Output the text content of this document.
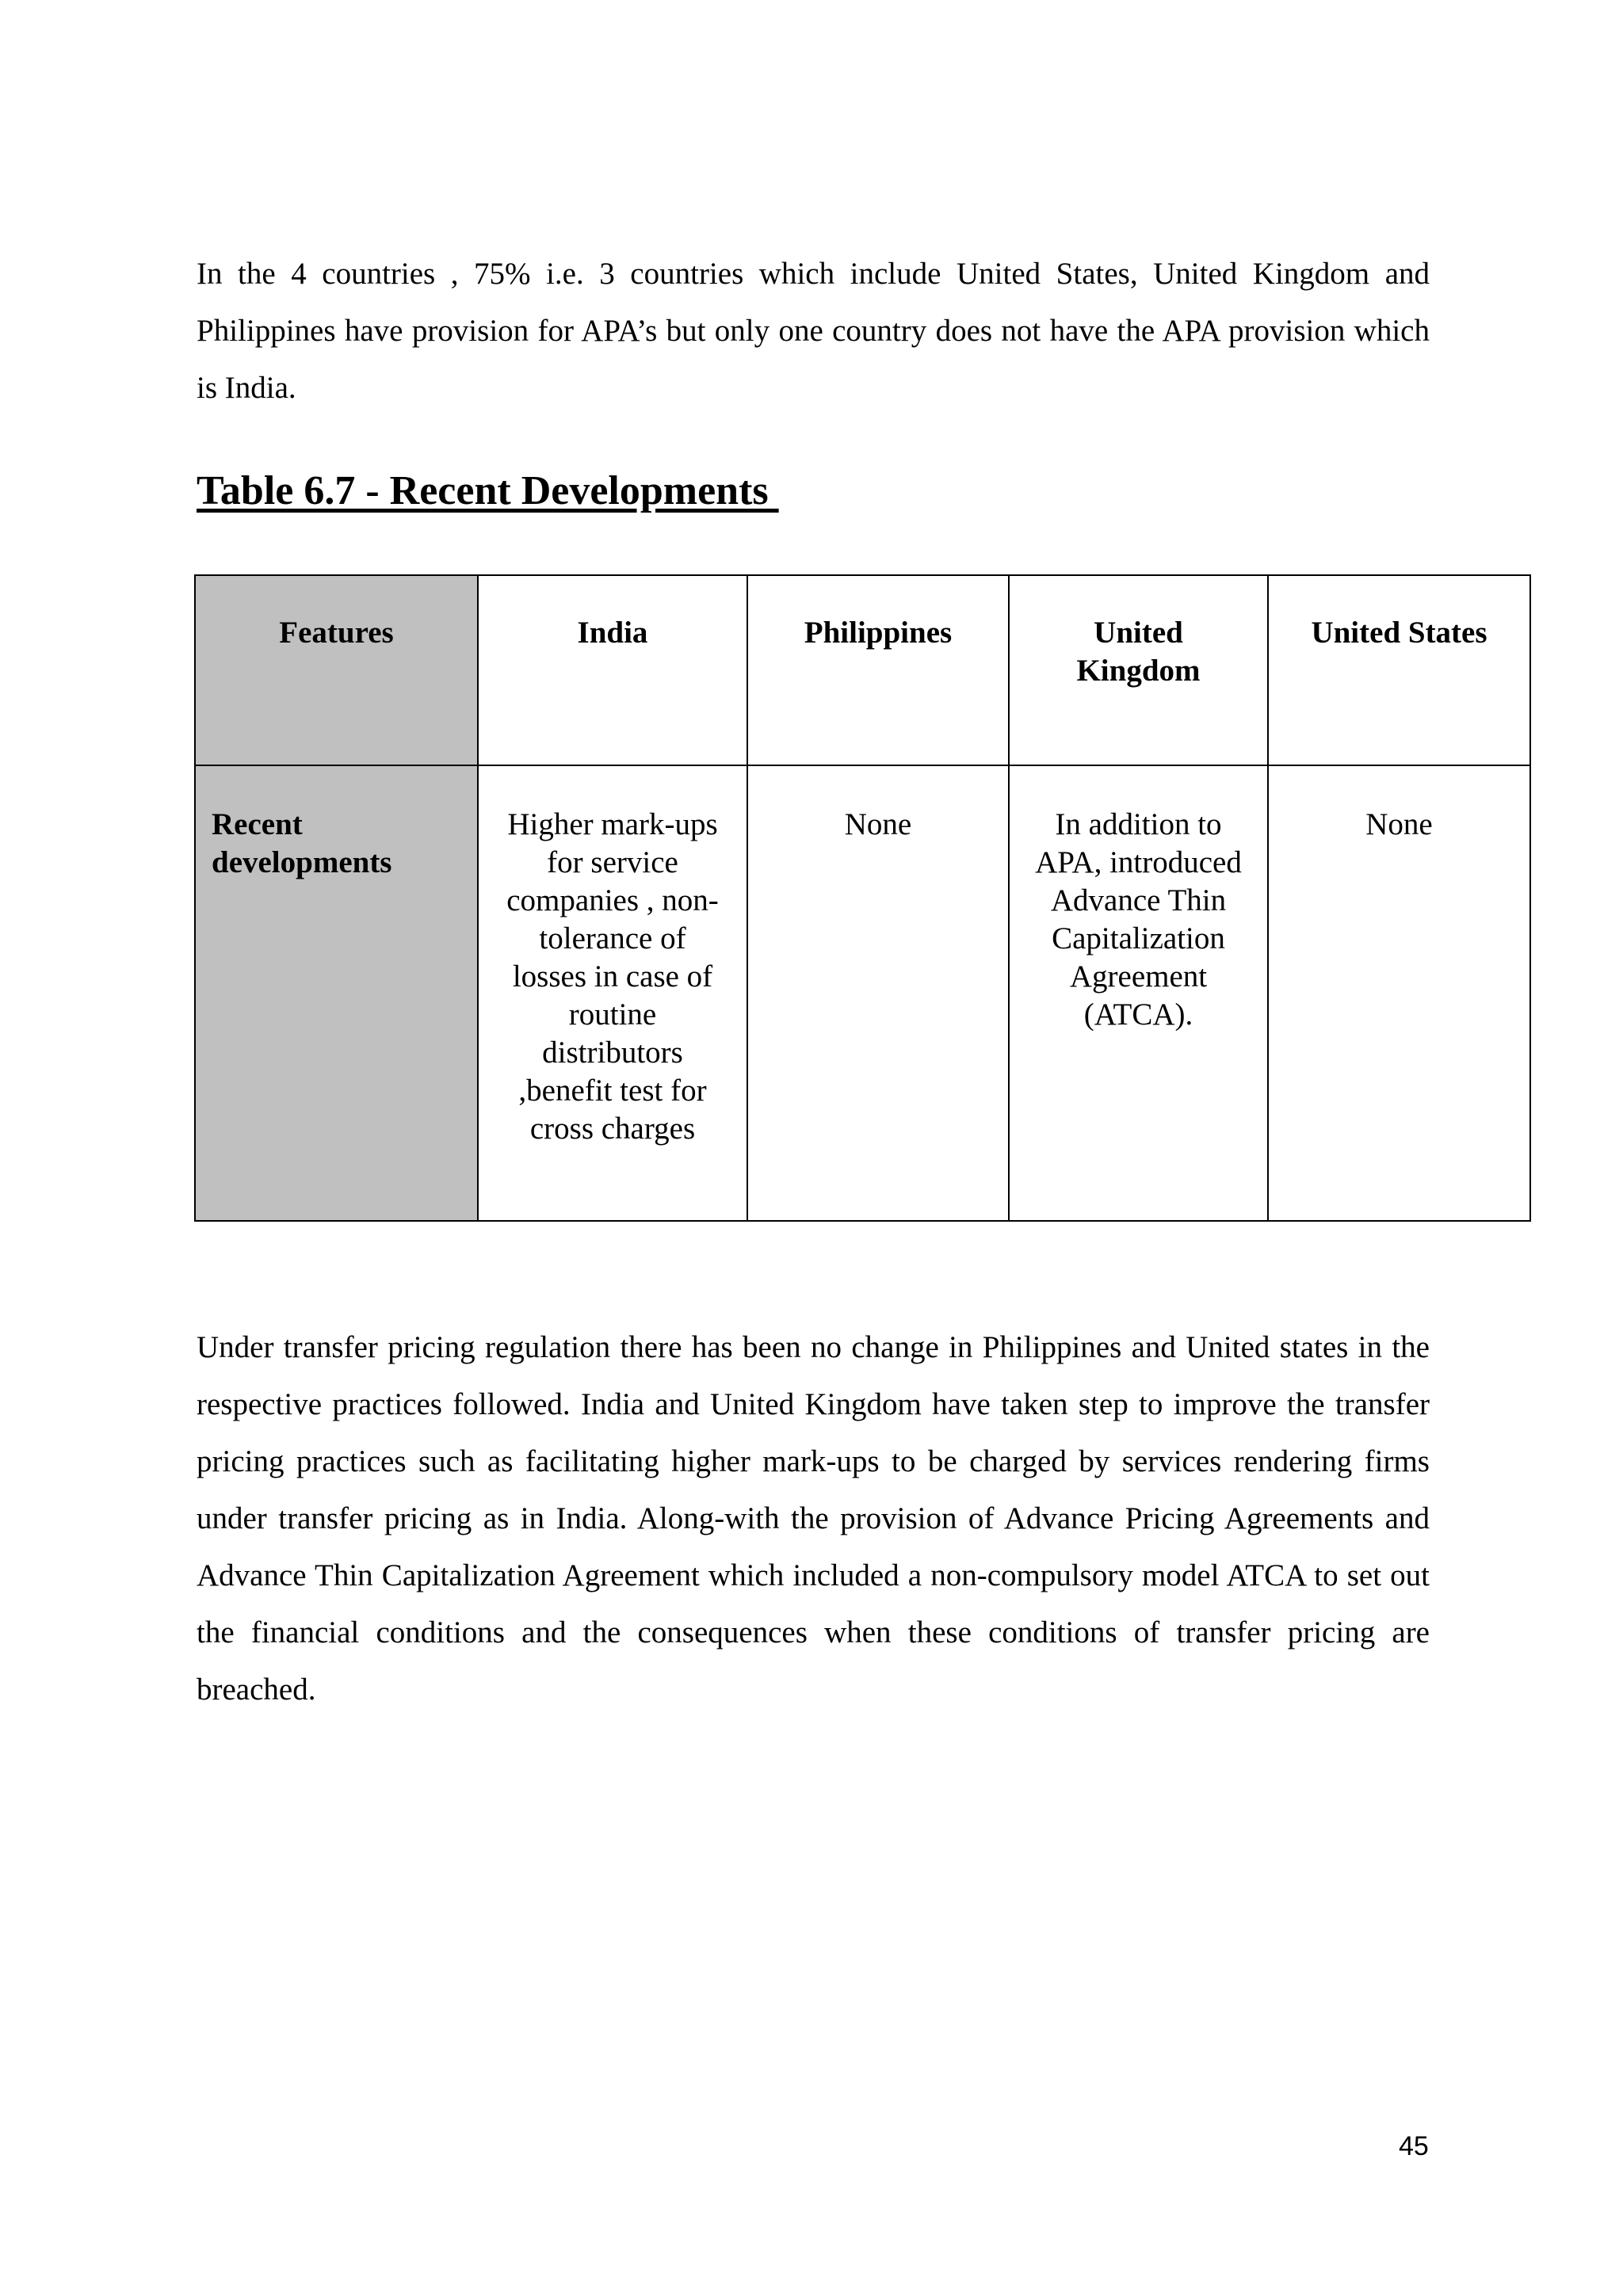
In the 4 countries , 75% i.e. 3 countries which include United States, United Kingdom and Philippines have provision for APA’s but only one country does not have the APA provision which is India.

Table 6.7 - Recent Developments
Features	India	Philippines	United Kingdom	United States
Recent developments	Higher mark-ups for service companies , non-tolerance of losses in case of routine distributors ,benefit test for cross charges	None	In addition to APA, introduced Advance Thin Capitalization Agreement (ATCA).	None

Under transfer pricing regulation there has been no change in Philippines and United states in the respective practices followed. India and United Kingdom have taken step to improve the transfer pricing practices such as facilitating higher mark-ups to be charged by services rendering firms under transfer pricing as in India. Along-with the provision of Advance Pricing Agreements and Advance Thin Capitalization Agreement which included a non-compulsory model ATCA to set out the financial conditions and the consequences when these conditions of transfer pricing are breached.

45
